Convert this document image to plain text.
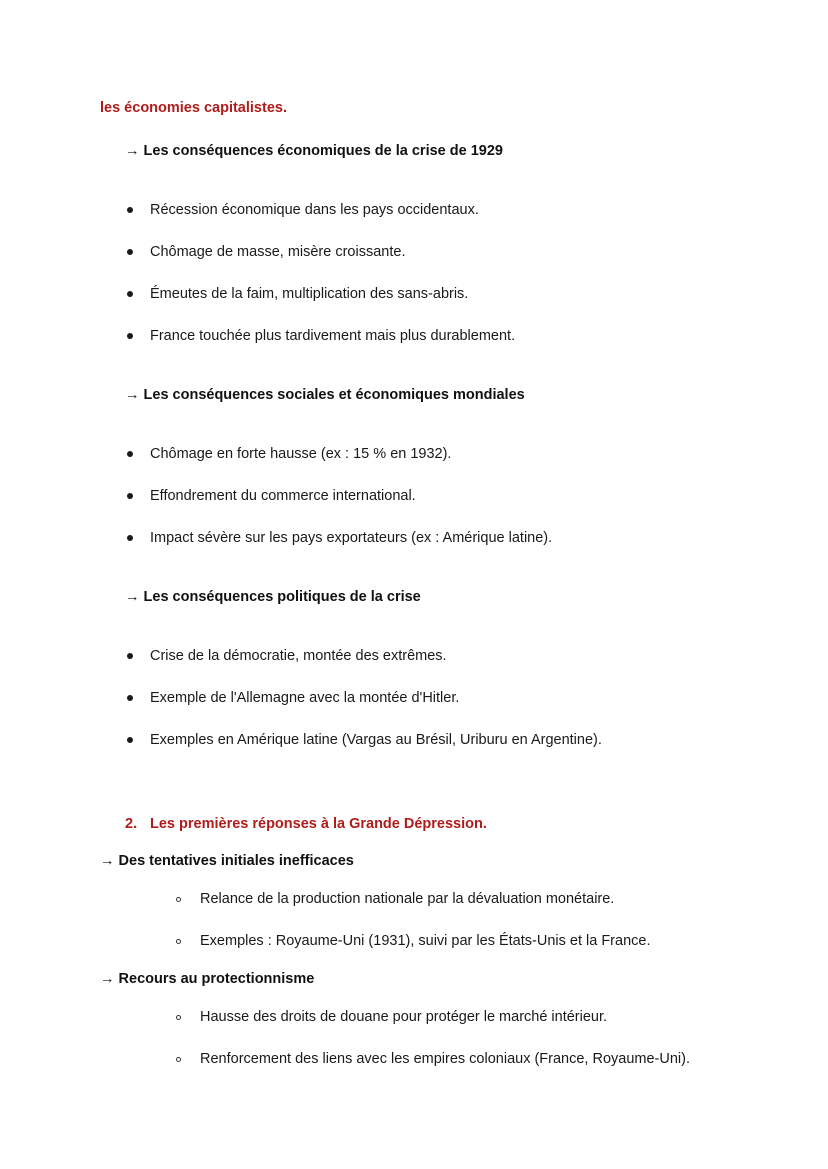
les économies capitalistes.
→ Les conséquences économiques de la crise de 1929
Récession économique dans les pays occidentaux.
Chômage de masse, misère croissante.
Émeutes de la faim, multiplication des sans-abris.
France touchée plus tardivement mais plus durablement.
→ Les conséquences sociales et économiques mondiales
Chômage en forte hausse (ex : 15 % en 1932).
Effondrement du commerce international.
Impact sévère sur les pays exportateurs (ex : Amérique latine).
→ Les conséquences politiques de la crise
Crise de la démocratie, montée des extrêmes.
Exemple de l'Allemagne avec la montée d'Hitler.
Exemples en Amérique latine (Vargas au Brésil, Uriburu en Argentine).
2. Les premières réponses à la Grande Dépression.
→ Des tentatives initiales inefficaces
Relance de la production nationale par la dévaluation monétaire.
Exemples : Royaume-Uni (1931), suivi par les États-Unis et la France.
→ Recours au protectionnisme
Hausse des droits de douane pour protéger le marché intérieur.
Renforcement des liens avec les empires coloniaux (France, Royaume-Uni).
